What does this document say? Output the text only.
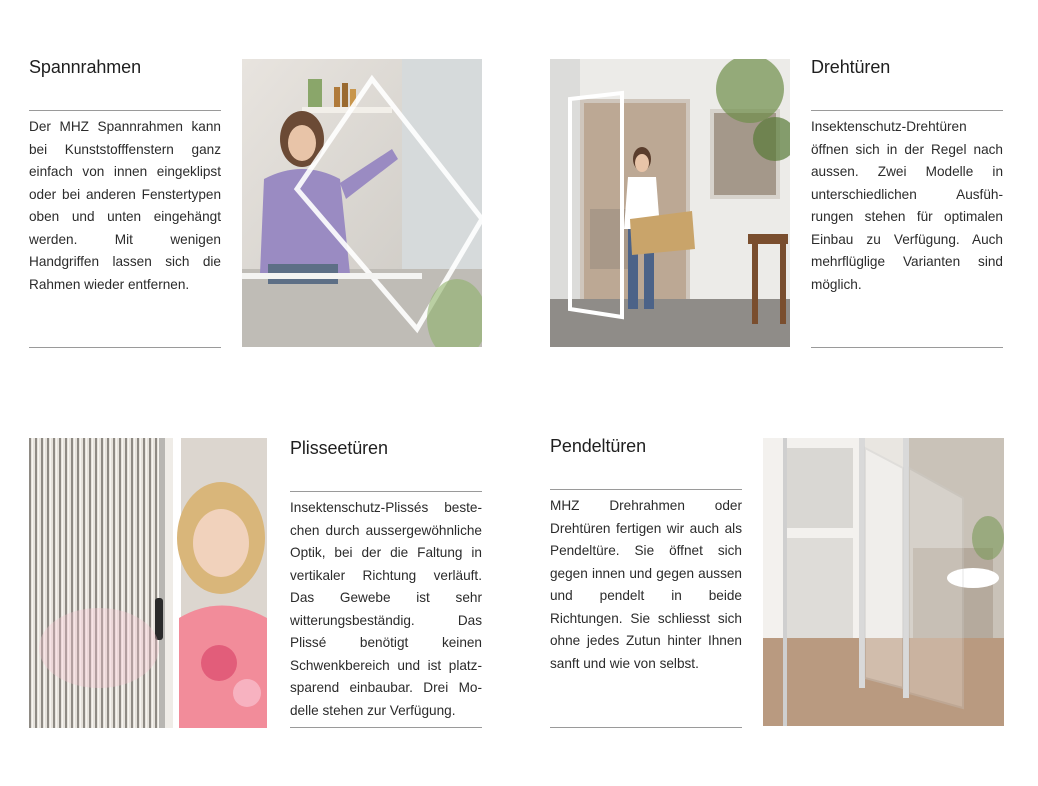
Spannrahmen
Der MHZ Spannrahmen kann bei Kunststofffenstern ganz einfach von innen eingeklipst oder bei anderen Fenstertypen oben und unten eingehängt werden. Mit wenigen Handgriffen lassen sich die Rahmen wieder entfernen.
Drehtüren
Insektenschutz-Drehtüren öffnen sich in der Regel nach aussen. Zwei Modelle in unterschiedlichen Ausführungen stehen für optimalen Einbau zu Verfügung. Auch mehrflüglige Varianten sind möglich.
Plisseetüren
Insektenschutz-Plissés bestechen durch aussergewöhnliche Optik, bei der die Faltung in vertikaler Richtung verläuft. Das Gewebe ist sehr witterungsbeständig. Das Plissé benötigt keinen Schwenkbereich und ist platzsparend einbaubar. Drei Modelle stehen zur Verfügung.
Pendeltüren
MHZ Drehrahmen oder Drehtüren fertigen wir auch als Pendeltüre. Sie öffnet sich gegen innen und gegen aussen und pendelt in beide Richtungen. Sie schliesst sich ohne jedes Zutun hinter Ihnen sanft und wie von selbst.
